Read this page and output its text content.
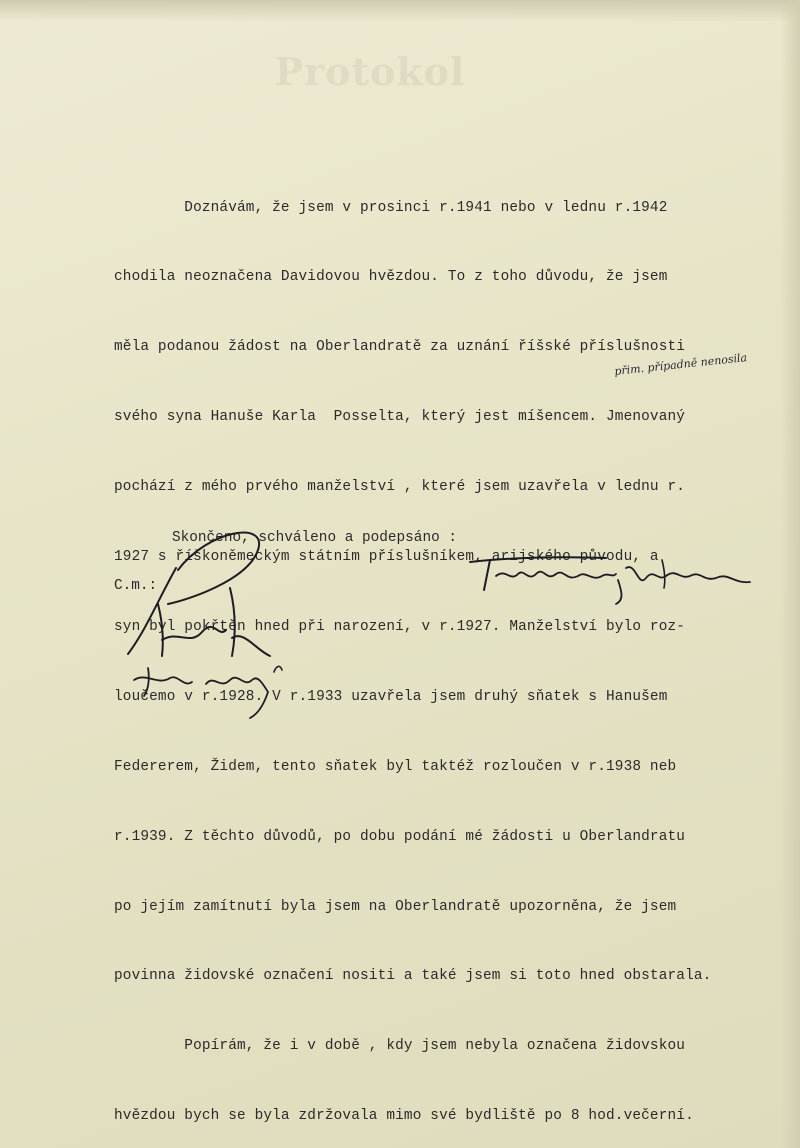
Protokol

Doznávám, že jsem v prosinci r.1941 nebo v lednu r.1942

chodila neoznačena Davidovou hvězdou. To z toho důvodu, že jsem

měla podanou žádost na Oberlandratě za uznání říšské příslušnosti

svého syna Hanuše Karla  Posselta, který jest míšencem. Jmenovaný

pochází z mého prvého manželství , které jsem uzavřela v lednu r.

1927 s říškoněmeckým státním příslušníkem, arijského původu, a

syn byl pokřtěn hned při narození, v r.1927. Manželství bylo roz-

loučemo v r.1928. V r.1933 uzavřela jsem druhý sňatek s Hanušem

Federerem, Židem, tento sňatek byl taktéž rozloučen v r.1938 neb

r.1939. Z těchto důvodů, po dobu podání mé žádosti u Oberlandratu

po jejím zamítnutí byla jsem na Oberlandratě upozorněna, že jsem

povinna židovské označení nositi a také jsem si toto hned obstarala.

Popírám, že i v době , kdy jsem nebyla označena židovskou

hvězdou bych se byla zdržovala mimo své bydliště po 8 hod.večerní.

přim. případně nenosila
Skončeno, schváleno a podepsáno :
C.m.:
